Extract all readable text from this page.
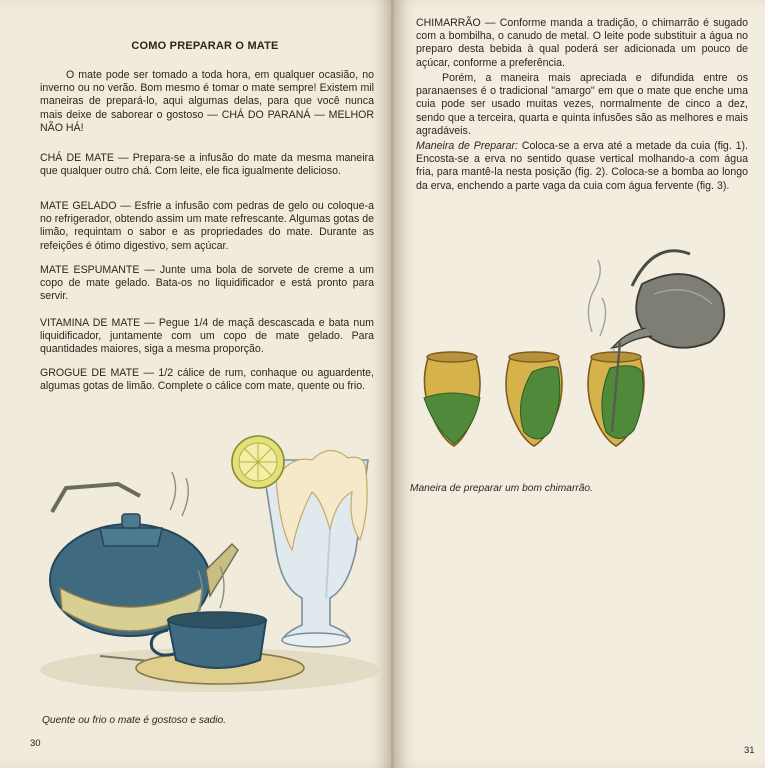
COMO PREPARAR O MATE
O mate pode ser tomado a toda hora, em qualquer ocasião, no inverno ou no verão. Bom mesmo é tomar o mate sempre! Existem mil maneiras de prepará-lo, aqui algumas delas, para que você nunca mais deixe de saborear o gostoso — CHÁ DO PARANÁ — MELHOR NÃO HÁ!
CHÁ DE MATE — Prepara-se a infusão do mate da mesma maneira que qualquer outro chá. Com leite, ele fica igualmente delicioso.
MATE GELADO — Esfrie a infusão com pedras de gelo ou coloque-a no refrigerador, obtendo assim um mate refrescante. Algumas gotas de limão, requintam o sabor e as propriedades do mate. Durante as refeições é ótimo digestivo, sem açúcar.
MATE ESPUMANTE — Junte uma bola de sorvete de creme a um copo de mate gelado. Bata-os no liquidificador e está pronto para servir.
VITAMINA DE MATE — Pegue 1/4 de maçã descascada e bata num liquidificador, juntamente com um copo de mate gelado. Para quantidades maiores, siga a mesma proporção.
GROGUE DE MATE — 1/2 cálice de rum, conhaque ou aguardente, algumas gotas de limão. Complete o cálice com mate, quente ou frio.
Quente ou frio o mate é gostoso e sadio.
30
CHIMARRÃO — Conforme manda a tradição, o chimarrão é sugado com a bombilha, o canudo de metal. O leite pode substituir a água no preparo desta bebida à qual poderá ser adicionada um pouco de açúcar, conforme a preferência.
Porém, a maneira mais apreciada e difundida entre os paranaenses é o tradicional "amargo" em que o mate que enche uma cuia pode ser usado muitas vezes, normalmente de cinco a dez, sendo que a terceira, quarta e quinta infusões são as melhores e mais agradáveis.
Maneira de Preparar: Coloca-se a erva até a metade da cuia (fig. 1). Encosta-se a erva no sentido quase vertical molhando-a com água fria, para mantê-la nesta posição (fig. 2). Coloca-se a bomba ao longo da erva, enchendo a parte vaga da cuia com água fervente (fig. 3).
Maneira de preparar um bom chimarrão.
31
